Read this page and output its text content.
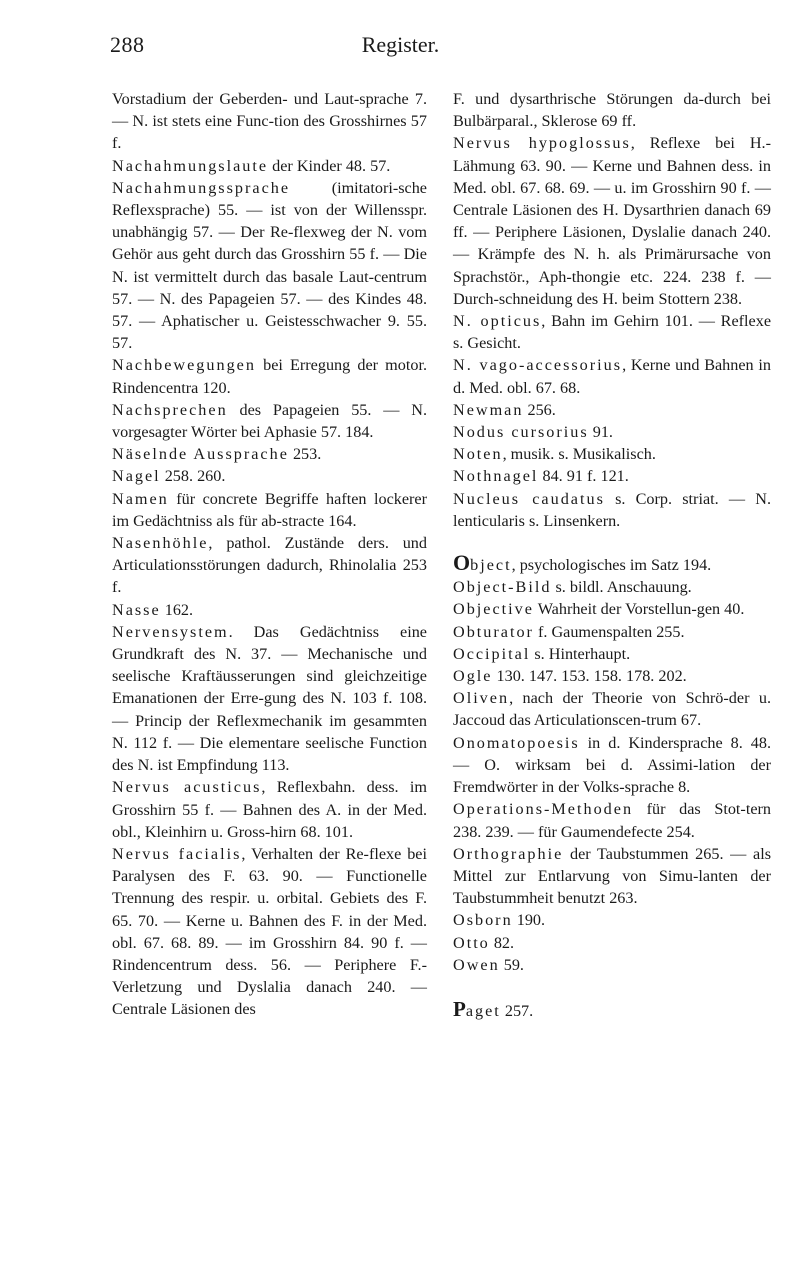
288	Register.

Vorstadium der Geberden- und Laut-sprache 7. — N. ist stets eine Func-tion des Grosshirnes 57 f.

Nachahmungslaute der Kinder 48. 57.

Nachahmungssprache (imitatori-sche Reflexsprache) 55. — ist von der Willensspr. unabhängig 57. — Der Re-flexweg der N. vom Gehör aus geht durch das Grosshirn 55 f. — Die N. ist vermittelt durch das basale Laut-centrum 57. — N. des Papageien 57. — des Kindes 48. 57. — Aphatischer u. Geistesschwacher 9. 55. 57.

Nachbewegungen bei Erregung der motor. Rindencentra 120.

Nachsprechen des Papageien 55. — N. vorgesagter Wörter bei Aphasie 57. 184.

Näselnde Aussprache 253.

Nagel 258. 260.

Namen für concrete Begriffe haften lockerer im Gedächtniss als für ab-stracte 164.

Nasenhöhle, pathol. Zustände ders. und Articulationsstörungen dadurch, Rhinolalia 253 f.

Nasse 162.

Nervensystem. Das Gedächtniss eine Grundkraft des N. 37. — Mechanische und seelische Kraftäusserungen sind gleichzeitige Emanationen der Erre-gung des N. 103 f. 108. — Princip der Reflexmechanik im gesammten N. 112 f. — Die elementare seelische Function des N. ist Empfindung 113.

Nervus acusticus, Reflexbahn. dess. im Grosshirn 55 f. — Bahnen des A. in der Med. obl., Kleinhirn u. Gross-hirn 68. 101.

Nervus facialis, Verhalten der Re-flexe bei Paralysen des F. 63. 90. — Functionelle Trennung des respir. u. orbital. Gebiets des F. 65. 70. — Kerne u. Bahnen des F. in der Med. obl. 67. 68. 89. — im Grosshirn 84. 90 f. — Rindencentrum dess. 56. — Periphere F.-Verletzung und Dyslalia danach 240. — Centrale Läsionen des

F. und dysarthrische Störungen da-durch bei Bulbärparal., Sklerose 69 ff.

Nervus hypoglossus, Reflexe bei H.-Lähmung 63. 90. — Kerne und Bahnen dess. in Med. obl. 67. 68. 69. — u. im Grosshirn 90 f. — Centrale Läsionen des H. Dysarthrien danach 69 ff. — Periphere Läsionen, Dyslalie danach 240. — Krämpfe des N. h. als Primärursache von Sprachstör., Aph-thongie etc. 224. 238 f. — Durch-schneidung des H. beim Stottern 238.

N. opticus, Bahn im Gehirn 101. — Reflexe s. Gesicht.

N. vago-accessorius, Kerne und Bahnen in d. Med. obl. 67. 68.

Newman 256.

Nodus cursorius 91.

Noten, musik. s. Musikalisch.

Nothnagel 84. 91 f. 121.

Nucleus caudatus s. Corp. striat. — N. lenticularis s. Linsenkern.

Object, psychologisches im Satz 194.

Object-Bild s. bildl. Anschauung.

Objective Wahrheit der Vorstellun-gen 40.

Obturator f. Gaumenspalten 255.

Occipital s. Hinterhaupt.

Ogle 130. 147. 153. 158. 178. 202.

Oliven, nach der Theorie von Schrö-der u. Jaccoud das Articulationscen-trum 67.

Onomatopoesis in d. Kindersprache 8. 48. — O. wirksam bei d. Assimi-lation der Fremdwörter in der Volks-sprache 8.

Operations-Methoden für das Stot-tern 238. 239. — für Gaumendefecte 254.

Orthographie der Taubstummen 265. — als Mittel zur Entlarvung von Simu-lanten der Taubstummheit benutzt 263.

Osborn 190.

Otto 82.

Owen 59.

Paget 257.
